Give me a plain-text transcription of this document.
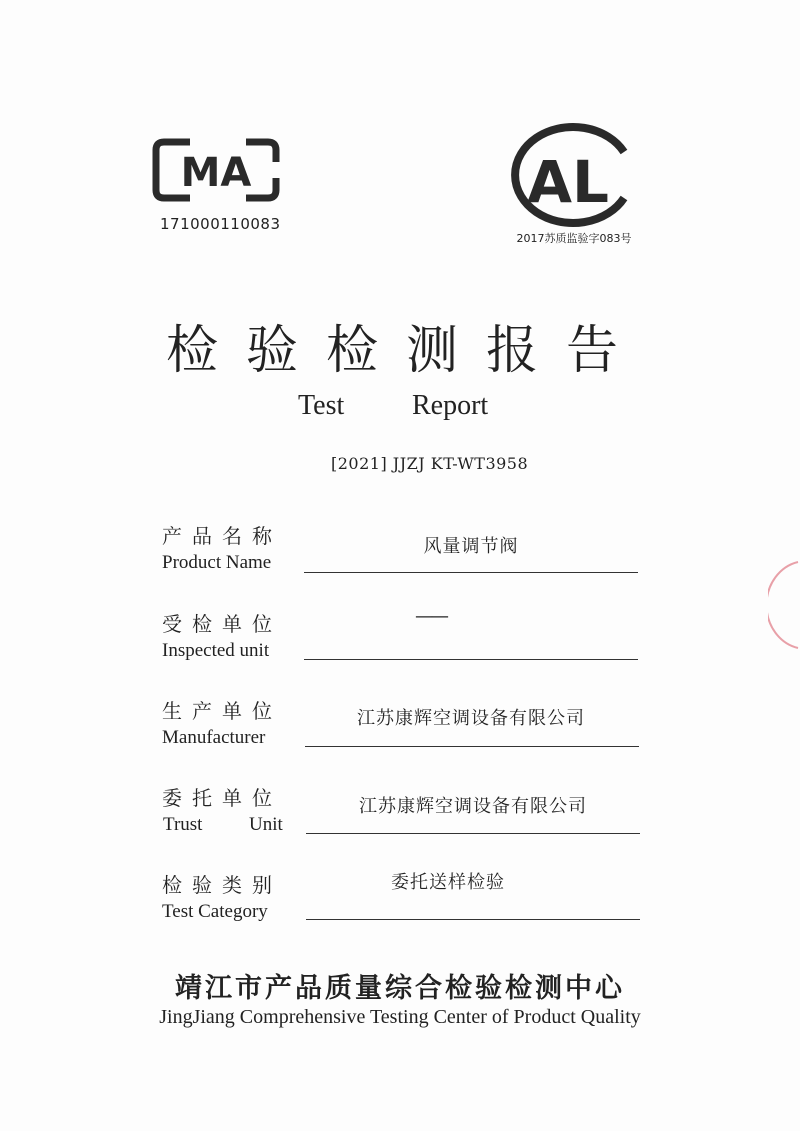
MA
171000110083
AL
2017苏质监验字083号
检验检测报告
Test Report
[2021] JJZJ KT-WT3958
产品名称
Product Name
风量调节阀
受检单位
Inspected unit
——
生产单位
Manufacturer
江苏康辉空调设备有限公司
委托单位
Trust Unit
江苏康辉空调设备有限公司
检验类别
Test Category
委托送样检验
靖江市产品质量综合检验检测中心
JingJiang Comprehensive Testing Center of Product Quality
